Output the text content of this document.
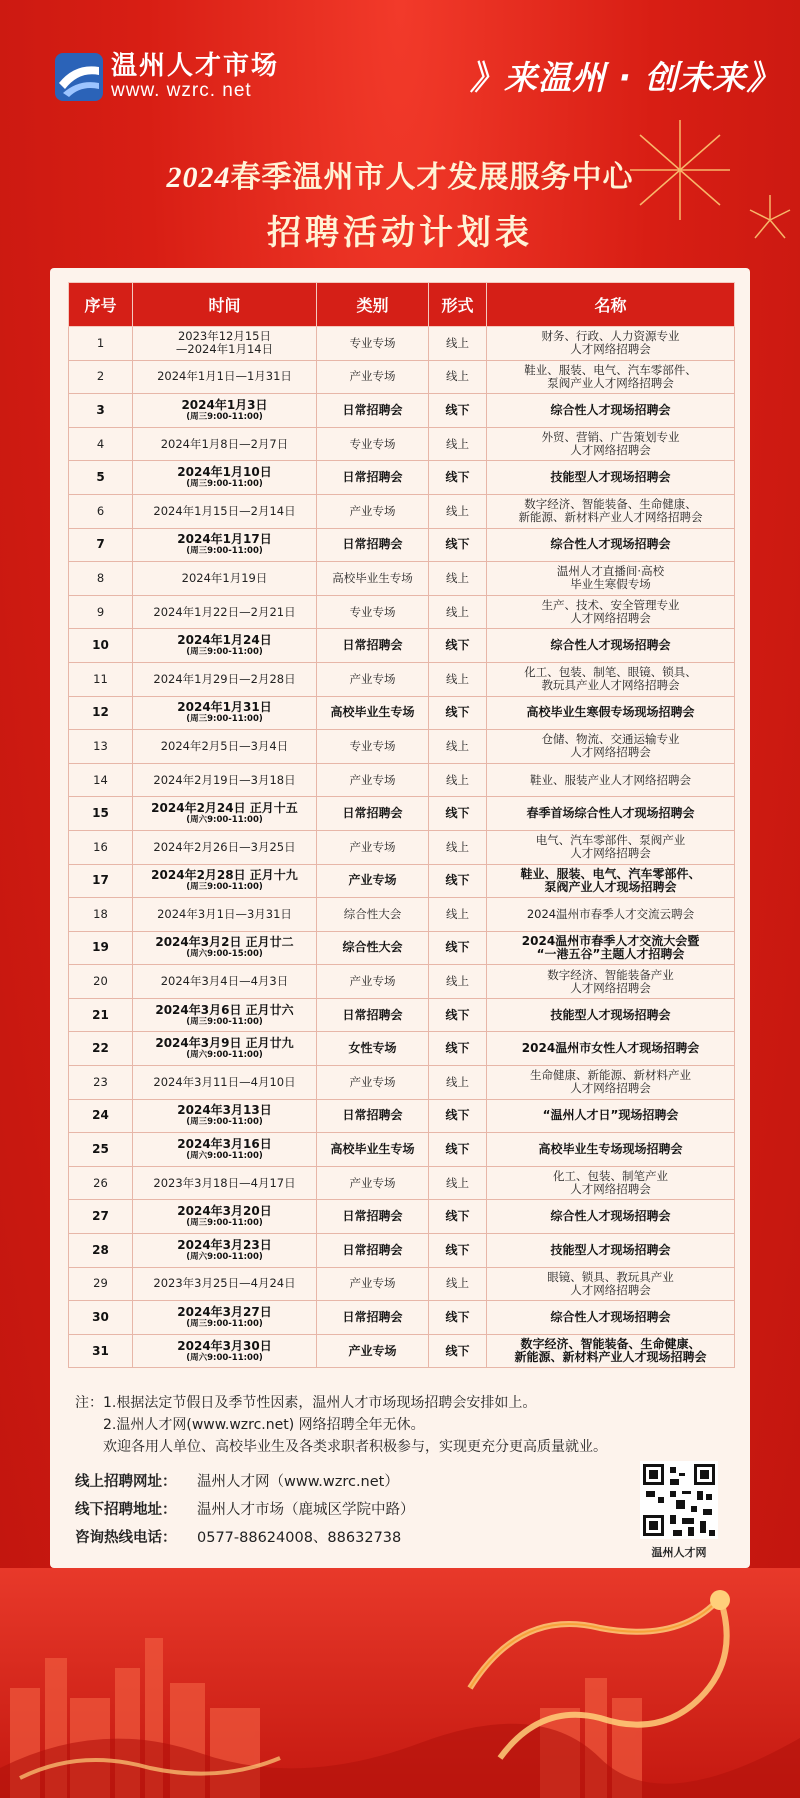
温州人才市场
www. wzrc. net	》来温州 · 创未来》
2024春季温州市人才发展服务中心
招聘活动计划表
序号	时间	类别	形式	名称

1	2023年12月15日
—2024年1月14日	专业专场	线上	财务、行政、人力资源专业
人才网络招聘会

2	2024年1月1日—1月31日	产业专场	线上	鞋业、服装、电气、汽车零部件、
泵阀产业人才网络招聘会

3	2024年1月3日
(周三9:00-11:00)	日常招聘会	线下	综合性人才现场招聘会

4	2024年1月8日—2月7日	专业专场	线上	外贸、营销、广告策划专业
人才网络招聘会

5	2024年1月10日
(周三9:00-11:00)	日常招聘会	线下	技能型人才现场招聘会

6	2024年1月15日—2月14日	产业专场	线上	数字经济、智能装备、生命健康、
新能源、新材料产业人才网络招聘会

7	2024年1月17日
(周三9:00-11:00)	日常招聘会	线下	综合性人才现场招聘会

8	2024年1月19日	高校毕业生专场	线上	温州人才直播间·高校
毕业生寒假专场

9	2024年1月22日—2月21日	专业专场	线上	生产、技术、安全管理专业
人才网络招聘会

10	2024年1月24日
(周三9:00-11:00)	日常招聘会	线下	综合性人才现场招聘会

11	2024年1月29日—2月28日	产业专场	线上	化工、包装、制笔、眼镜、锁具、
教玩具产业人才网络招聘会

12	2024年1月31日
(周三9:00-11:00)	高校毕业生专场	线下	高校毕业生寒假专场现场招聘会

13	2024年2月5日—3月4日	专业专场	线上	仓储、物流、交通运输专业
人才网络招聘会

14	2024年2月19日—3月18日	产业专场	线上	鞋业、服装产业人才网络招聘会

15	2024年2月24日 正月十五
(周六9:00-11:00)	日常招聘会	线下	春季首场综合性人才现场招聘会

16	2024年2月26日—3月25日	产业专场	线上	电气、汽车零部件、泵阀产业
人才网络招聘会

17	2024年2月28日 正月十九
(周三9:00-11:00)	产业专场	线下	鞋业、服装、电气、汽车零部件、
泵阀产业人才现场招聘会

18	2024年3月1日—3月31日	综合性大会	线上	2024温州市春季人才交流云聘会

19	2024年3月2日 正月廿二
(周六9:00-15:00)	综合性大会	线下	2024温州市春季人才交流大会暨
“一港五谷”主题人才招聘会

20	2024年3月4日—4月3日	产业专场	线上	数字经济、智能装备产业
人才网络招聘会

21	2024年3月6日 正月廿六
(周三9:00-11:00)	日常招聘会	线下	技能型人才现场招聘会

22	2024年3月9日 正月廿九
(周六9:00-11:00)	女性专场	线下	2024温州市女性人才现场招聘会

23	2024年3月11日—4月10日	产业专场	线上	生命健康、新能源、新材料产业
人才网络招聘会

24	2024年3月13日
(周三9:00-11:00)	日常招聘会	线下	“温州人才日”现场招聘会

25	2024年3月16日
(周六9:00-11:00)	高校毕业生专场	线下	高校毕业生专场现场招聘会

26	2023年3月18日—4月17日	产业专场	线上	化工、包装、制笔产业
人才网络招聘会

27	2024年3月20日
(周三9:00-11:00)	日常招聘会	线下	综合性人才现场招聘会

28	2024年3月23日
(周六9:00-11:00)	日常招聘会	线下	技能型人才现场招聘会

29	2023年3月25日—4月24日	产业专场	线上	眼镜、锁具、教玩具产业
人才网络招聘会

30	2024年3月27日
(周三9:00-11:00)	日常招聘会	线下	综合性人才现场招聘会

31	2024年3月30日
(周六9:00-11:00)	产业专场	线下	数字经济、智能装备、生命健康、
新能源、新材料产业人才现场招聘会
注：1.根据法定节假日及季节性因素，温州人才市场现场招聘会安排如上。
2.温州人才网(www.wzrc.net) 网络招聘全年无休。
欢迎各用人单位、高校毕业生及各类求职者积极参与，实现更充分更高质量就业。
线上招聘网址：	温州人才网（www.wzrc.net）
线下招聘地址：	温州人才市场（鹿城区学院中路）
咨询热线电话：	0577-88624008、88632738
温州人才网
